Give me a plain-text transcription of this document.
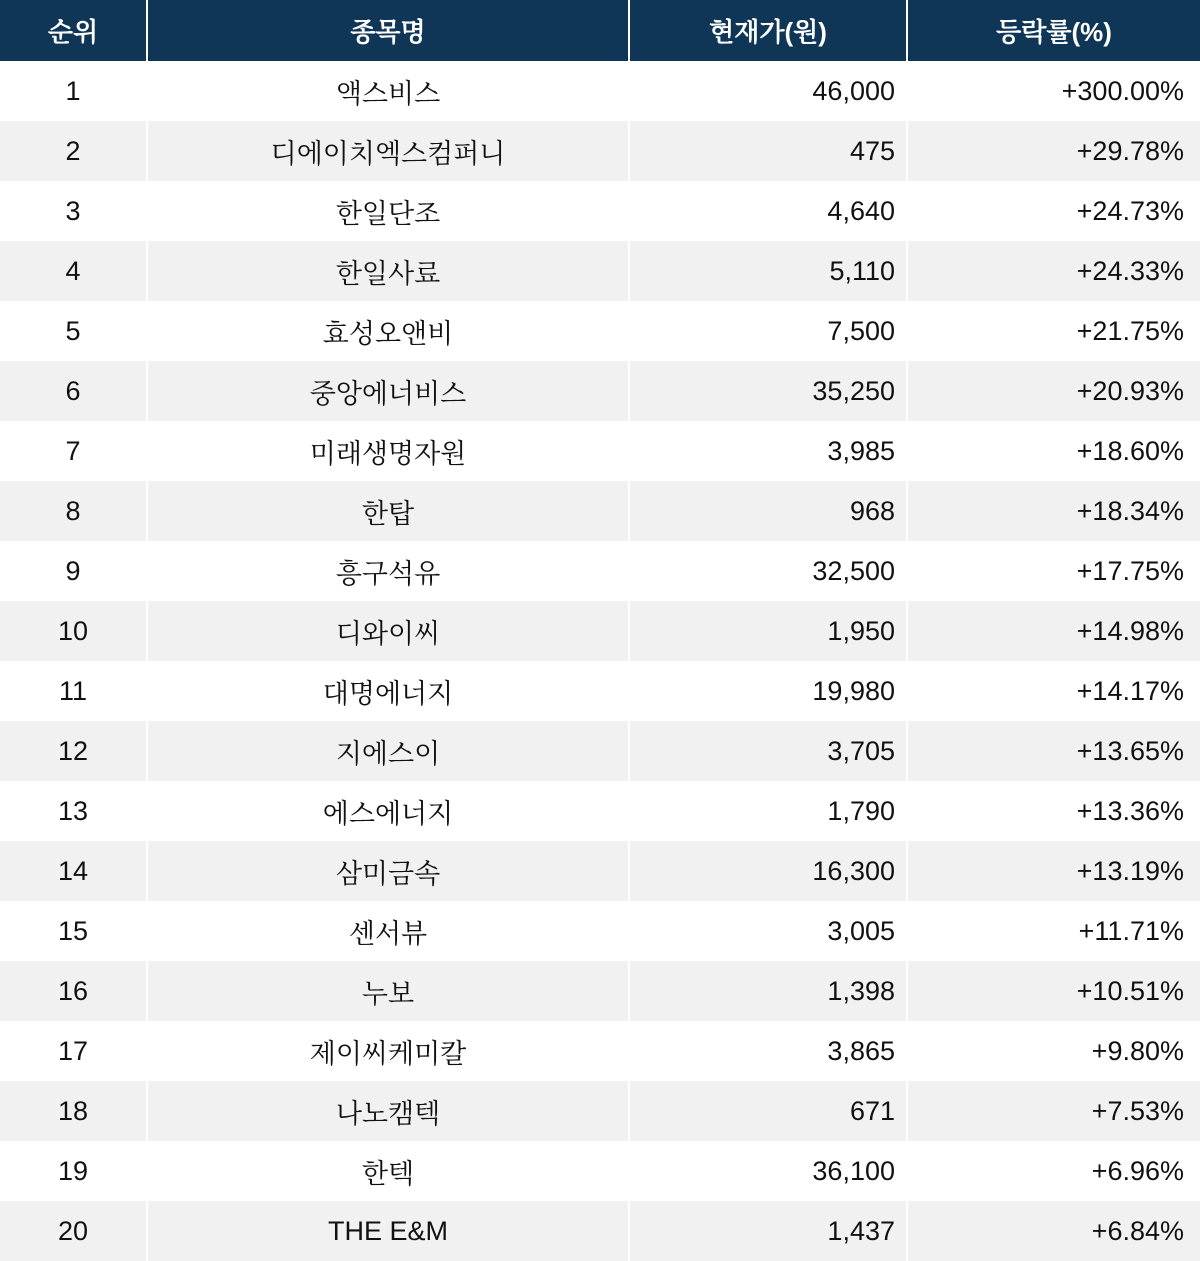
순위	종목명	현재가(원)	등락률(%)
1	액스비스	46,000	+300.00%
2	디에이치엑스컴퍼니	475	+29.78%
3	한일단조	4,640	+24.73%
4	한일사료	5,110	+24.33%
5	효성오앤비	7,500	+21.75%
6	중앙에너비스	35,250	+20.93%
7	미래생명자원	3,985	+18.60%
8	한탑	968	+18.34%
9	흥구석유	32,500	+17.75%
10	디와이씨	1,950	+14.98%
11	대명에너지	19,980	+14.17%
12	지에스이	3,705	+13.65%
13	에스에너지	1,790	+13.36%
14	삼미금속	16,300	+13.19%
15	센서뷰	3,005	+11.71%
16	누보	1,398	+10.51%
17	제이씨케미칼	3,865	+9.80%
18	나노캠텍	671	+7.53%
19	한텍	36,100	+6.96%
20	THE E&M	1,437	+6.84%
